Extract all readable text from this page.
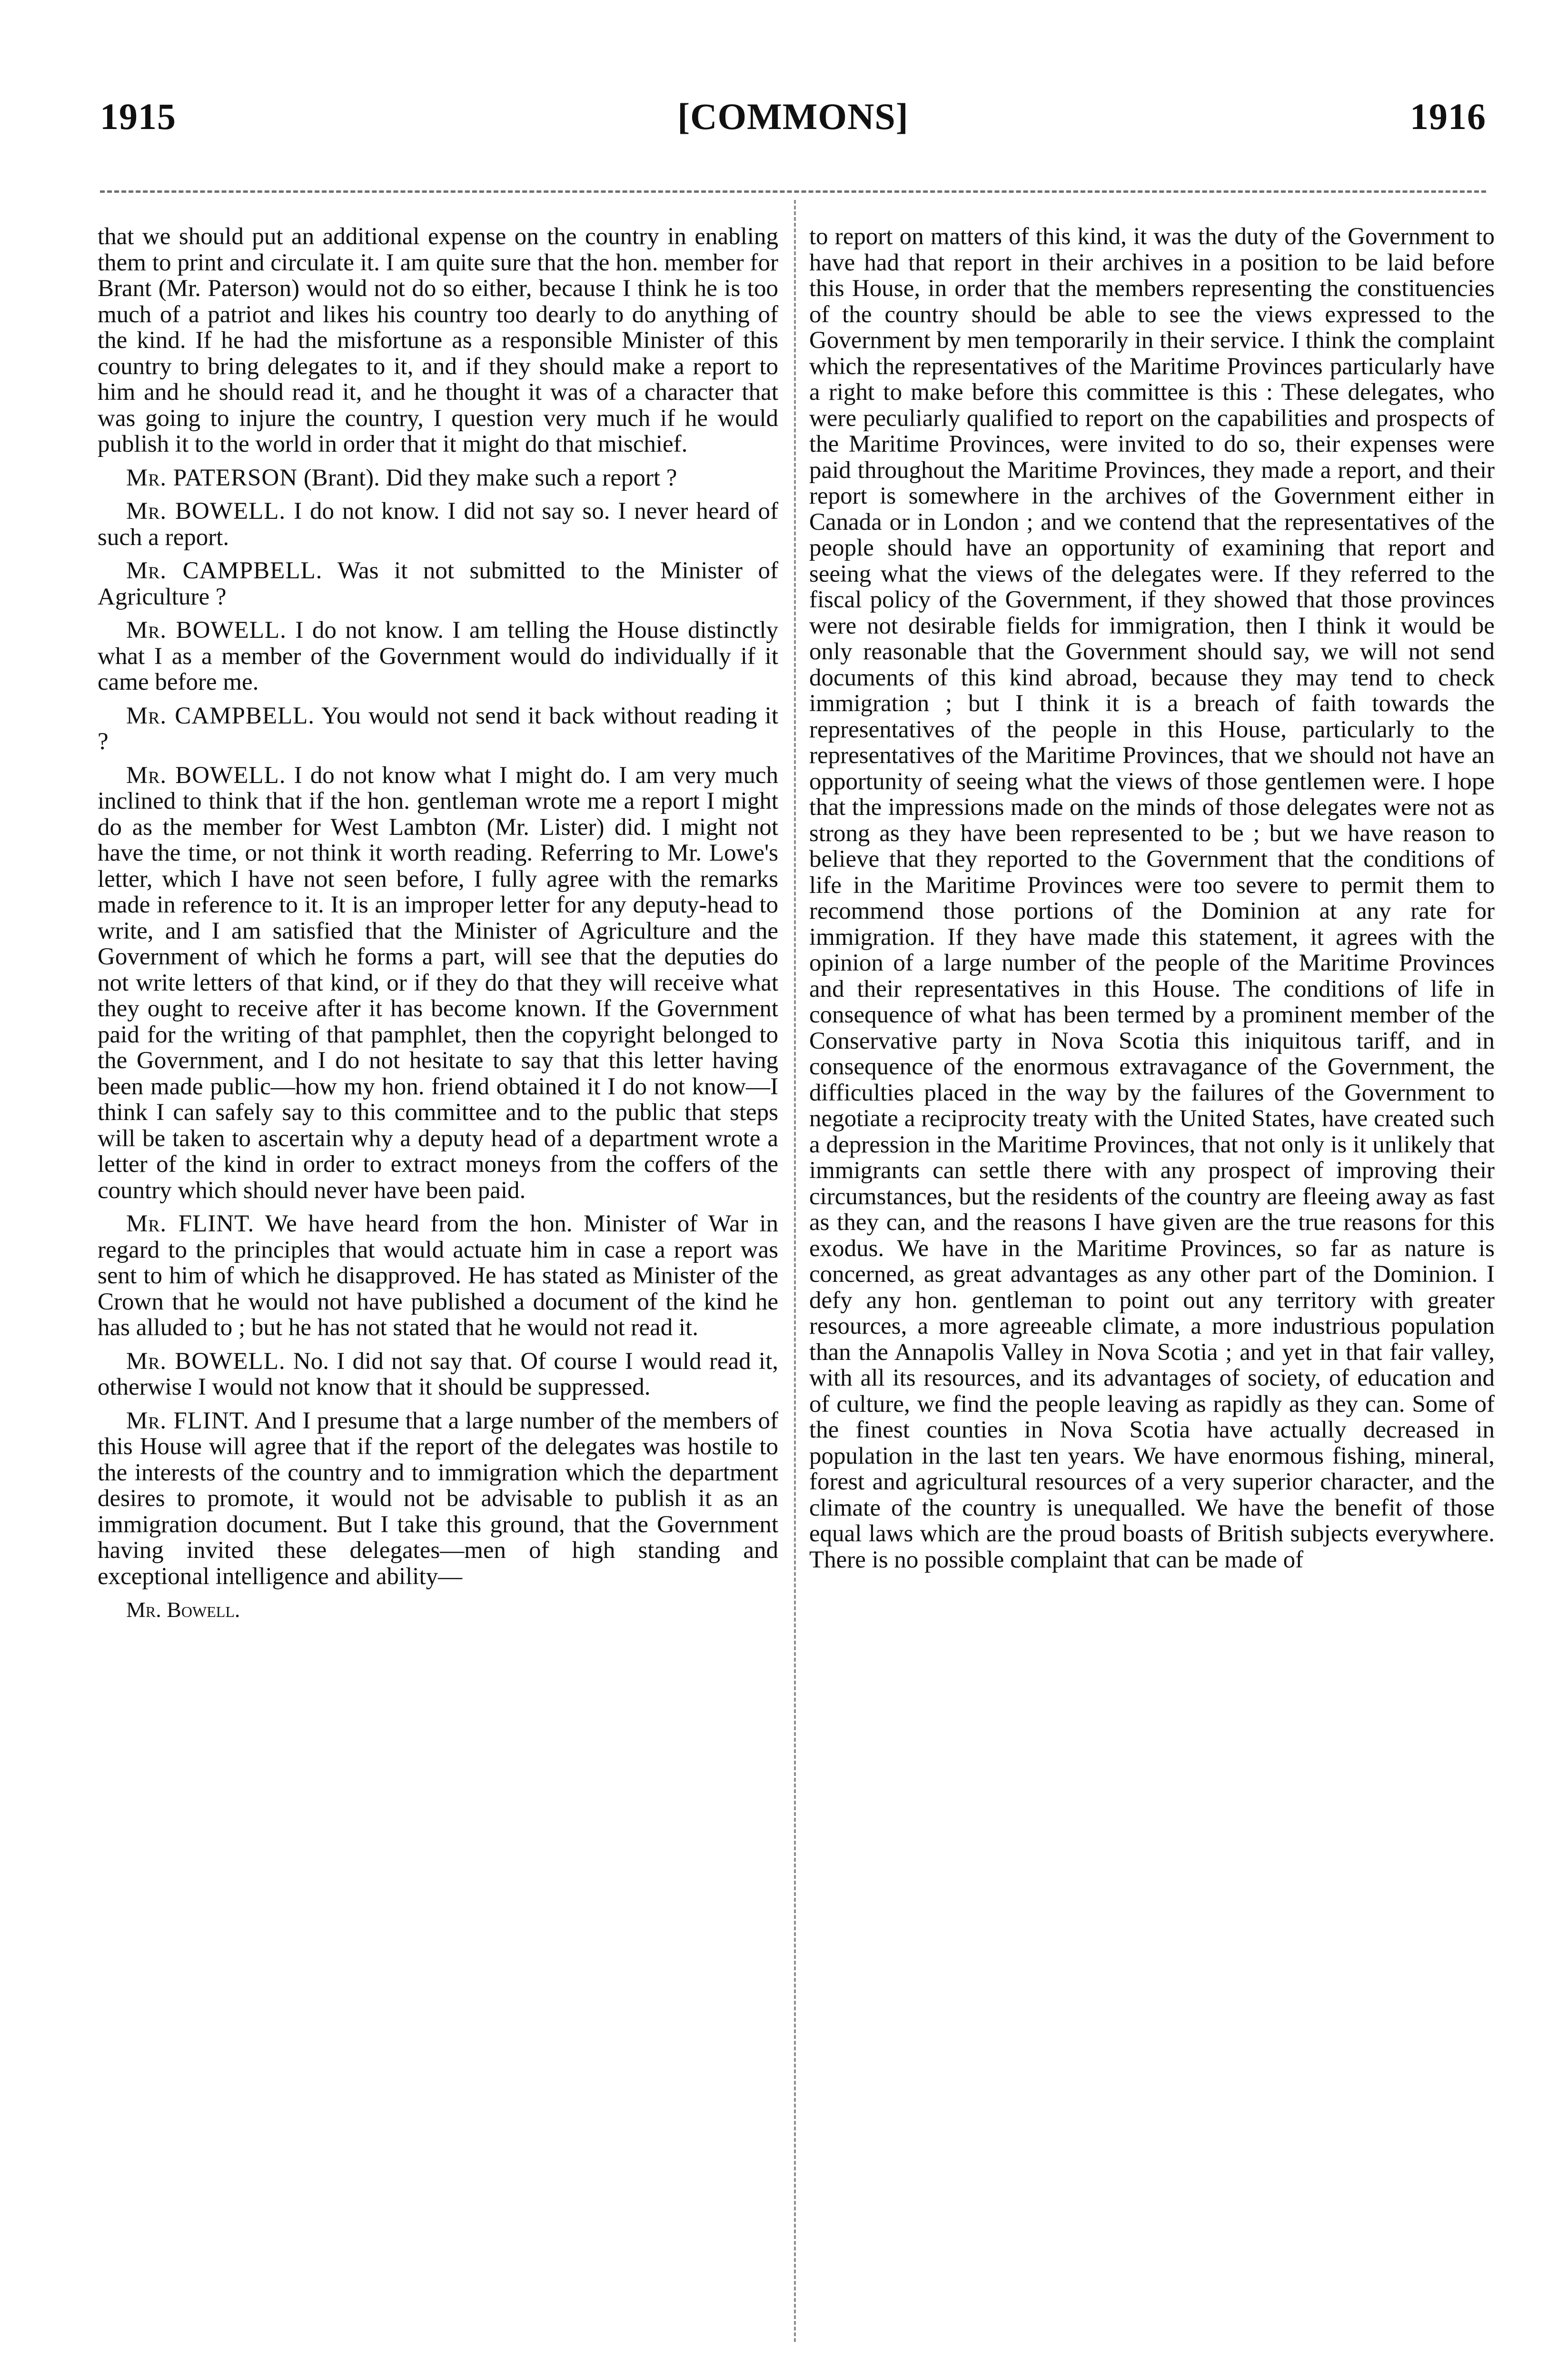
1915	[COMMONS]	1916

that we should put an additional expense on the country in enabling them to print and circulate it. I am quite sure that the hon. member for Brant (Mr. Paterson) would not do so either, because I think he is too much of a patriot and likes his country too dearly to do anything of the kind. If he had the misfortune as a responsible Minister of this country to bring delegates to it, and if they should make a report to him and he should read it, and he thought it was of a character that was going to injure the country, I question very much if he would publish it to the world in order that it might do that mischief.

Mr. PATERSON (Brant). Did they make such a report ?

Mr. BOWELL. I do not know. I did not say so. I never heard of such a report.

Mr. CAMPBELL. Was it not submitted to the Minister of Agriculture ?

Mr. BOWELL. I do not know. I am telling the House distinctly what I as a member of the Government would do individually if it came before me.

Mr. CAMPBELL. You would not send it back without reading it ?

Mr. BOWELL. I do not know what I might do. I am very much inclined to think that if the hon. gentleman wrote me a report I might do as the member for West Lambton (Mr. Lister) did. I might not have the time, or not think it worth reading. Referring to Mr. Lowe's letter, which I have not seen before, I fully agree with the remarks made in reference to it. It is an improper letter for any deputy-head to write, and I am satisfied that the Minister of Agriculture and the Government of which he forms a part, will see that the deputies do not write letters of that kind, or if they do that they will receive what they ought to receive after it has become known. If the Government paid for the writing of that pamphlet, then the copyright belonged to the Government, and I do not hesitate to say that this letter having been made public—how my hon. friend obtained it I do not know—I think I can safely say to this committee and to the public that steps will be taken to ascertain why a deputy head of a department wrote a letter of the kind in order to extract moneys from the coffers of the country which should never have been paid.

Mr. FLINT. We have heard from the hon. Minister of War in regard to the principles that would actuate him in case a report was sent to him of which he disapproved. He has stated as Minister of the Crown that he would not have published a document of the kind he has alluded to ; but he has not stated that he would not read it.

Mr. BOWELL. No. I did not say that. Of course I would read it, otherwise I would not know that it should be suppressed.

Mr. FLINT. And I presume that a large number of the members of this House will agree that if the report of the delegates was hostile to the interests of the country and to immigration which the department desires to promote, it would not be advisable to publish it as an immigration document. But I take this ground, that the Government having invited these delegates—men of high standing and exceptional intelligence and ability—

Mr. Bowell.

to report on matters of this kind, it was the duty of the Government to have had that report in their archives in a position to be laid before this House, in order that the members representing the constituencies of the country should be able to see the views expressed to the Government by men temporarily in their service. I think the complaint which the representatives of the Maritime Provinces particularly have a right to make before this committee is this : These delegates, who were peculiarly qualified to report on the capabilities and prospects of the Maritime Provinces, were invited to do so, their expenses were paid throughout the Maritime Provinces, they made a report, and their report is somewhere in the archives of the Government either in Canada or in London ; and we contend that the representatives of the people should have an opportunity of examining that report and seeing what the views of the delegates were. If they referred to the fiscal policy of the Government, if they showed that those provinces were not desirable fields for immigration, then I think it would be only reasonable that the Government should say, we will not send documents of this kind abroad, because they may tend to check immigration ; but I think it is a breach of faith towards the representatives of the people in this House, particularly to the representatives of the Maritime Provinces, that we should not have an opportunity of seeing what the views of those gentlemen were. I hope that the impressions made on the minds of those delegates were not as strong as they have been represented to be ; but we have reason to believe that they reported to the Government that the conditions of life in the Maritime Provinces were too severe to permit them to recommend those portions of the Dominion at any rate for immigration. If they have made this statement, it agrees with the opinion of a large number of the people of the Maritime Provinces and their representatives in this House. The conditions of life in consequence of what has been termed by a prominent member of the Conservative party in Nova Scotia this iniquitous tariff, and in consequence of the enormous extravagance of the Government, the difficulties placed in the way by the failures of the Government to negotiate a reciprocity treaty with the United States, have created such a depression in the Maritime Provinces, that not only is it unlikely that immigrants can settle there with any prospect of improving their circumstances, but the residents of the country are fleeing away as fast as they can, and the reasons I have given are the true reasons for this exodus. We have in the Maritime Provinces, so far as nature is concerned, as great advantages as any other part of the Dominion. I defy any hon. gentleman to point out any territory with greater resources, a more agreeable climate, a more industrious population than the Annapolis Valley in Nova Scotia ; and yet in that fair valley, with all its resources, and its advantages of society, of education and of culture, we find the people leaving as rapidly as they can. Some of the finest counties in Nova Scotia have actually decreased in population in the last ten years. We have enormous fishing, mineral, forest and agricultural resources of a very superior character, and the climate of the country is unequalled. We have the benefit of those equal laws which are the proud boasts of British subjects everywhere. There is no possible complaint that can be made of
